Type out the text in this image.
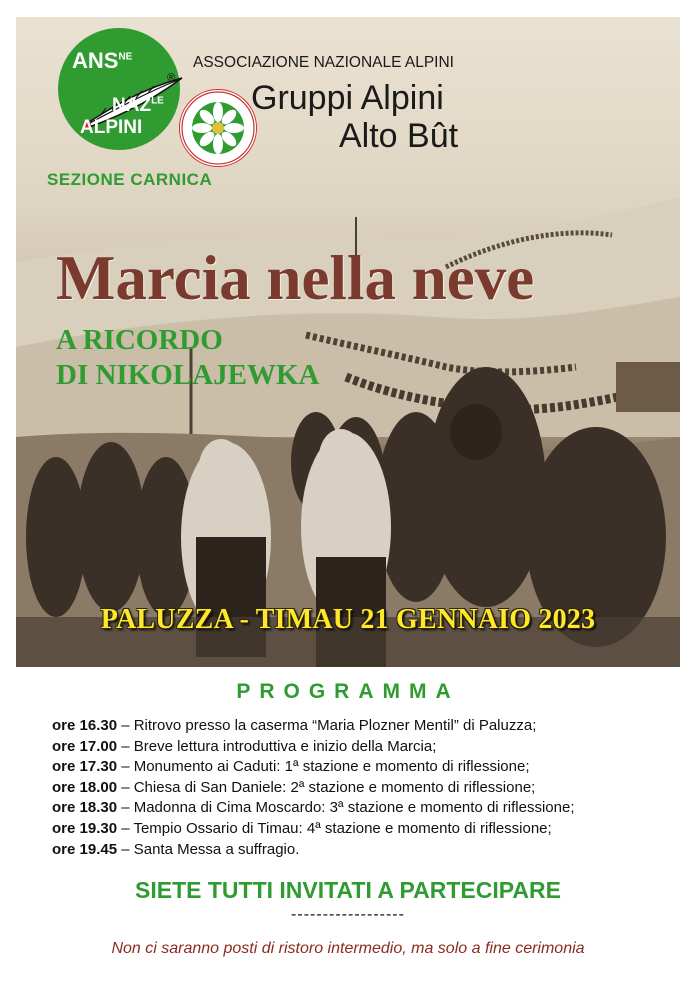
$ANS^{NE}$
$NAZ^{LE}$
ALPINI
®
SEZIONE CARNICA
ASSOCIAZIONE NAZIONALE ALPINI
Gruppi Alpini
Alto Bût
Marcia nella neve
A RICORDO
DI NIKOLAJEWKA
PALUZZA - TIMAU 21 GENNAIO 2023
PROGRAMMA
ore 16.30 – Ritrovo presso la caserma “Maria Plozner Mentil” di Paluzza;
ore 17.00 – Breve lettura introduttiva e inizio della Marcia;
ore 17.30 – Monumento ai Caduti: 1ª stazione e momento di riflessione;
ore 18.00 – Chiesa di San Daniele: 2ª stazione e momento di riflessione;
ore 18.30 – Madonna di Cima Moscardo: 3ª stazione e momento di riflessione;
ore 19.30 – Tempio Ossario di Timau: 4ª stazione e momento di riflessione;
ore 19.45 – Santa Messa a suffragio.
SIETE TUTTI INVITATI A PARTECIPARE
------------------
Non ci saranno posti di ristoro intermedio, ma solo a fine cerimonia
